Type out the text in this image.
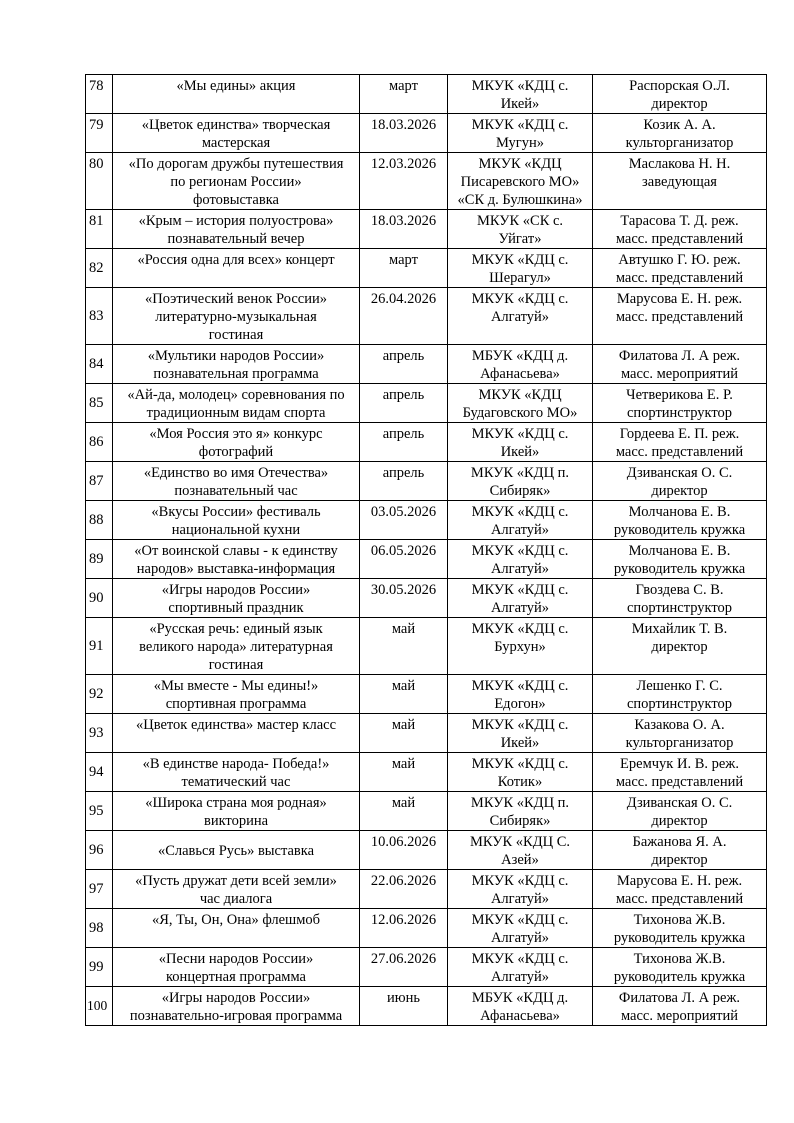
78	«Мы едины» акция	март	МКУК «КДЦ с.
Икей»	Распорская О.Л.
директор

79	«Цветок единства» творческая
мастерская	18.03.2026	МКУК «КДЦ с.
Мугун»	Козик А. А.
культорганизатор

80	«По дорогам дружбы путешествия
по регионам России»
фотовыставка	12.03.2026	МКУК «КДЦ
Писаревского МО»
«СК д. Булюшкина»	Маслакова Н. Н.
заведующая

81	«Крым – история полуострова»
познавательный вечер	18.03.2026	МКУК «СК с.
Уйгат»	Тарасова Т. Д. реж.
масс. представлений

82	«Россия одна для всех» концерт	март	МКУК «КДЦ с.
Шерагул»	Автушко Г. Ю. реж.
масс. представлений

83	«Поэтический венок России»
литературно-музыкальная
гостиная	26.04.2026	МКУК «КДЦ с.
Алгатуй»	Марусова Е. Н. реж.
масс. представлений

84	«Мультики народов России»
познавательная программа	апрель	МБУК «КДЦ д.
Афанасьева»	Филатова Л. А реж.
масс. мероприятий

85	«Ай-да, молодец» соревнования по
традиционным видам спорта	апрель	МКУК «КДЦ
Будаговского МО»	Четверикова Е. Р.
спортинструктор

86	«Моя Россия это я» конкурс
фотографий	апрель	МКУК «КДЦ с.
Икей»	Гордеева Е. П. реж.
масс. представлений

87	«Единство во имя Отечества»
познавательный час	апрель	МКУК «КДЦ п.
Сибиряк»	Дзиванская О. С.
директор

88	«Вкусы России» фестиваль
национальной кухни	03.05.2026	МКУК «КДЦ с.
Алгатуй»	Молчанова Е. В.
руководитель кружка

89	«От воинской славы - к единству
народов» выставка-информация	06.05.2026	МКУК «КДЦ с.
Алгатуй»	Молчанова Е. В.
руководитель кружка

90	«Игры народов России»
спортивный праздник	30.05.2026	МКУК «КДЦ с.
Алгатуй»	Гвоздева С. В.
спортинструктор

91	«Русская речь: единый язык
великого народа» литературная
гостиная	май	МКУК «КДЦ с.
Бурхун»	Михайлик Т. В.
директор

92	«Мы вместе - Мы едины!»
спортивная программа	май	МКУК «КДЦ с.
Едогон»	Лешенко Г. С.
спортинструктор

93	«Цветок единства» мастер класс	май	МКУК «КДЦ с.
Икей»	Казакова О. А.
культорганизатор

94	«В единстве народа- Победа!»
тематический час	май	МКУК «КДЦ с.
Котик»	Еремчук И. В. реж.
масс. представлений

95	«Широка страна моя родная»
викторина	май	МКУК «КДЦ п.
Сибиряк»	Дзиванская О. С.
директор

96	«Славься Русь» выставка	10.06.2026	МКУК «КДЦ С.
Азей»	Бажанова Я. А.
директор

97	«Пусть дружат дети всей земли»
час диалога	22.06.2026	МКУК «КДЦ с.
Алгатуй»	Марусова Е. Н. реж.
масс. представлений

98	«Я, Ты, Он, Она» флешмоб	12.06.2026	МКУК «КДЦ с.
Алгатуй»	Тихонова Ж.В.
руководитель кружка

99	«Песни народов России»
концертная программа	27.06.2026	МКУК «КДЦ с.
Алгатуй»	Тихонова Ж.В.
руководитель кружка

100	«Игры народов России»
познавательно-игровая программа	июнь	МБУК «КДЦ д.
Афанасьева»	Филатова Л. А реж.
масс. мероприятий
